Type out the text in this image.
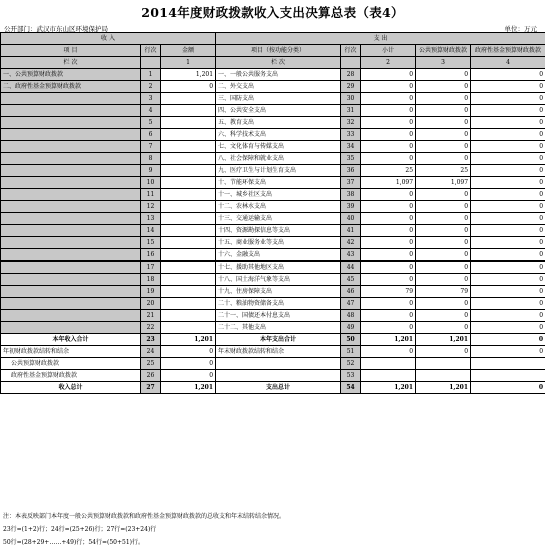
2014年度财政拨款收入支出决算总表（表4）
公开部门：武汉市东山区环境保护局	单位：万元
收 入			支 出				
项 目	行次	金额	项目（按功能分类）	行次	小计	公共预算财政拨款	政府性基金预算财政拨款
栏 次		1	栏 次		2	3	4
一、公共预算财政拨款	1	1,201	一、一般公共服务支出	28	0	0	0
二、政府性基金预算财政拨款	2	0	二、外交支出	29	0	0	0
	3		三、国防支出	30	0	0	0
	4		四、公共安全支出	31	0	0	0
	5		五、教育支出	32	0	0	0
	6		六、科学技术支出	33	0	0	0
	7		七、文化体育与传媒支出	34	0	0	0
	8		八、社会保障和就业支出	35	0	0	0
	9		九、医疗卫生与计划生育支出	36	25	25	0
	10		十、节能环保支出	37	1,097	1,097	0
	11		十一、城乡社区支出	38	0	0	0
	12		十二、农林水支出	39	0	0	0
	13		十三、交通运输支出	40	0	0	0
	14		十四、资源勘探信息等支出	41	0	0	0
	15		十五、商业服务业等支出	42	0	0	0
	16		十六、金融支出	43	0	0	0
	17		十七、援助其他地区支出	44	0	0	0
	18		十八、国土海洋气象等支出	45	0	0	0
	19		十九、住房保障支出	46	79	79	0
	20		二十、粮油物资储备支出	47	0	0	0
	21		二十一、国债还本付息支出	48	0	0	0
	22		二十二、其他支出	49	0	0	0
本年收入合计	23	1,201	本年支出合计	50	1,201	1,201	0
年初财政拨款结转和结余	24	0	年末财政拨款结转和结余	51	0	0	0
公共预算财政拨款	25	0		52			
政府性基金预算财政拨款	26	0		53			
收入总计	27	1,201	支出总计	54	1,201	1,201	0
注：本表反映部门本年度一般公共预算财政拨款和政府性基金预算财政拨款的总收支和年末结转结余情况。
23行=(1+2)行；24行=(25+26)行；27行=(23+24)行
50行=(28+29+……+49)行；54行=(50+51)行。
